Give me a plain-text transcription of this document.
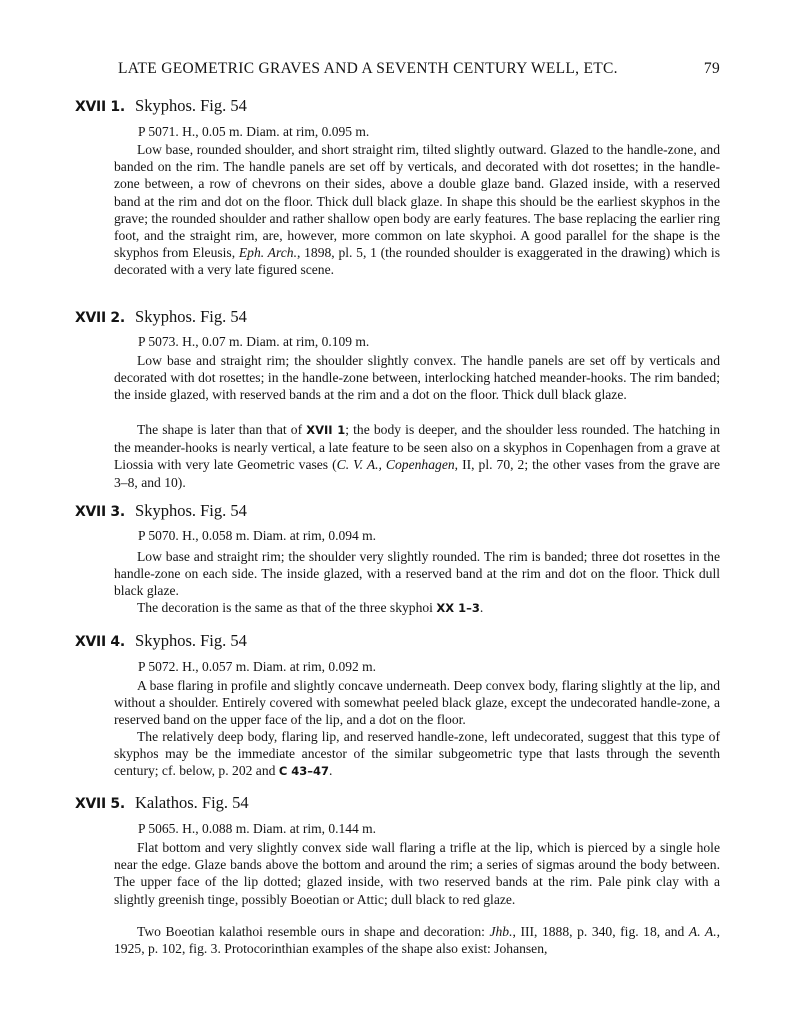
LATE GEOMETRIC GRAVES AND A SEVENTH CENTURY WELL, ETC.	79
XVII 1. Skyphos. Fig. 54
P 5071. H., 0.05 m. Diam. at rim, 0.095 m.

Low base, rounded shoulder, and short straight rim, tilted slightly outward. Glazed to the handle-zone, and banded on the rim. The handle panels are set off by verticals, and decorated with dot rosettes; in the handle-zone between, a row of chevrons on their sides, above a double glaze band. Glazed inside, with a reserved band at the rim and dot on the floor. Thick dull black glaze. In shape this should be the earliest skyphos in the grave; the rounded shoulder and rather shallow open body are early features. The base replacing the earlier ring foot, and the straight rim, are, however, more common on late skyphoi. A good parallel for the shape is the skyphos from Eleusis, Eph. Arch., 1898, pl. 5, 1 (the rounded shoulder is exaggerated in the drawing) which is decorated with a very late figured scene.

XVII 2. Skyphos. Fig. 54
P 5073. H., 0.07 m. Diam. at rim, 0.109 m.

Low base and straight rim; the shoulder slightly convex. The handle panels are set off by verticals and decorated with dot rosettes; in the handle-zone between, interlocking hatched meander-hooks. The rim banded; the inside glazed, with reserved bands at the rim and a dot on the floor. Thick dull black glaze.

The shape is later than that of XVII 1; the body is deeper, and the shoulder less rounded. The hatching in the meander-hooks is nearly vertical, a late feature to be seen also on a skyphos in Copenhagen from a grave at Liossia with very late Geometric vases (C. V. A., Copenhagen, II, pl. 70, 2; the other vases from the grave are 3–8, and 10).

XVII 3. Skyphos. Fig. 54
P 5070. H., 0.058 m. Diam. at rim, 0.094 m.

Low base and straight rim; the shoulder very slightly rounded. The rim is banded; three dot rosettes in the handle-zone on each side. The inside glazed, with a reserved band at the rim and dot on the floor. Thick dull black glaze.

The decoration is the same as that of the three skyphoi XX 1–3.

XVII 4. Skyphos. Fig. 54
P 5072. H., 0.057 m. Diam. at rim, 0.092 m.

A base flaring in profile and slightly concave underneath. Deep convex body, flaring slightly at the lip, and without a shoulder. Entirely covered with somewhat peeled black glaze, except the undecorated handle-zone, a reserved band on the upper face of the lip, and a dot on the floor.

The relatively deep body, flaring lip, and reserved handle-zone, left undecorated, suggest that this type of skyphos may be the immediate ancestor of the similar subgeometric type that lasts through the seventh century; cf. below, p. 202 and C 43–47.

XVII 5. Kalathos. Fig. 54
P 5065. H., 0.088 m. Diam. at rim, 0.144 m.

Flat bottom and very slightly convex side wall flaring a trifle at the lip, which is pierced by a single hole near the edge. Glaze bands above the bottom and around the rim; a series of sigmas around the body between. The upper face of the lip dotted; glazed inside, with two reserved bands at the rim. Pale pink clay with a slightly greenish tinge, possibly Boeotian or Attic; dull black to red glaze.

Two Boeotian kalathoi resemble ours in shape and decoration: Jhb., III, 1888, p. 340, fig. 18, and A. A., 1925, p. 102, fig. 3. Protocorinthian examples of the shape also exist: Johansen,
